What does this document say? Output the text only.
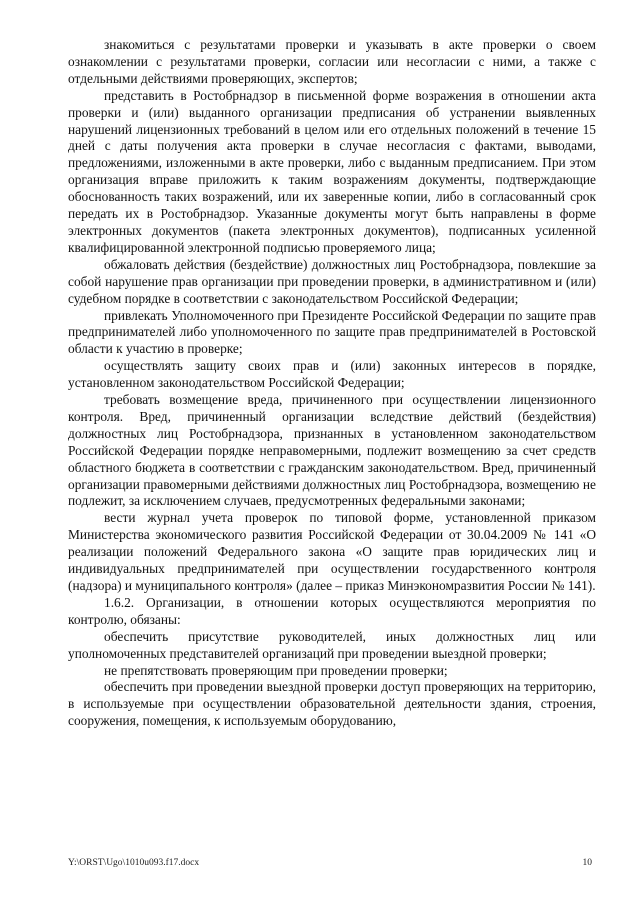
знакомиться с результатами проверки и указывать в акте проверки о своем ознакомлении с результатами проверки, согласии или несогласии с ними, а также с отдельными действиями проверяющих, экспертов;

представить в Ростобрнадзор в письменной форме возражения в отношении акта проверки и (или) выданного организации предписания об устранении выявленных нарушений лицензионных требований в целом или его отдельных положений в течение 15 дней с даты получения акта проверки в случае несогласия с фактами, выводами, предложениями, изложенными в акте проверки, либо с выданным предписанием. При этом организация вправе приложить к таким возражениям документы, подтверждающие обоснованность таких возражений, или их заверенные копии, либо в согласованный срок передать их в Ростобрнадзор. Указанные документы могут быть направлены в форме электронных документов (пакета электронных документов), подписанных усиленной квалифицированной электронной подписью проверяемого лица;

обжаловать действия (бездействие) должностных лиц Ростобрнадзора, повлекшие за собой нарушение прав организации при проведении проверки, в административном и (или) судебном порядке в соответствии с законодательством Российской Федерации;

привлекать Уполномоченного при Президенте Российской Федерации по защите прав предпринимателей либо уполномоченного по защите прав предпринимателей в Ростовской области к участию в проверке;

осуществлять защиту своих прав и (или) законных интересов в порядке, установленном законодательством Российской Федерации;

требовать возмещение вреда, причиненного при осуществлении лицензионного контроля. Вред, причиненный организации вследствие действий (бездействия) должностных лиц Ростобрнадзора, признанных в установленном законодательством Российской Федерации порядке неправомерными, подлежит возмещению за счет средств областного бюджета в соответствии с гражданским законодательством. Вред, причиненный организации правомерными действиями должностных лиц Ростобрнадзора, возмещению не подлежит, за исключением случаев, предусмотренных федеральными законами;

вести журнал учета проверок по типовой форме, установленной приказом Министерства экономического развития Российской Федерации от 30.04.2009 № 141 «О реализации положений Федерального закона «О защите прав юридических лиц и индивидуальных предпринимателей при осуществлении государственного контроля (надзора) и муниципального контроля» (далее – приказ Минэкономразвития России № 141).

1.6.2. Организации, в отношении которых осуществляются мероприятия по контролю, обязаны:

обеспечить присутствие руководителей, иных должностных лиц или уполномоченных представителей организаций при проведении выездной проверки;

не препятствовать проверяющим при проведении проверки;

обеспечить при проведении выездной проверки доступ проверяющих на территорию, в используемые при осуществлении образовательной деятельности здания, строения, сооружения, помещения, к используемым оборудованию,

Y:\ORST\Ugo\1010u093.f17.docx	10
